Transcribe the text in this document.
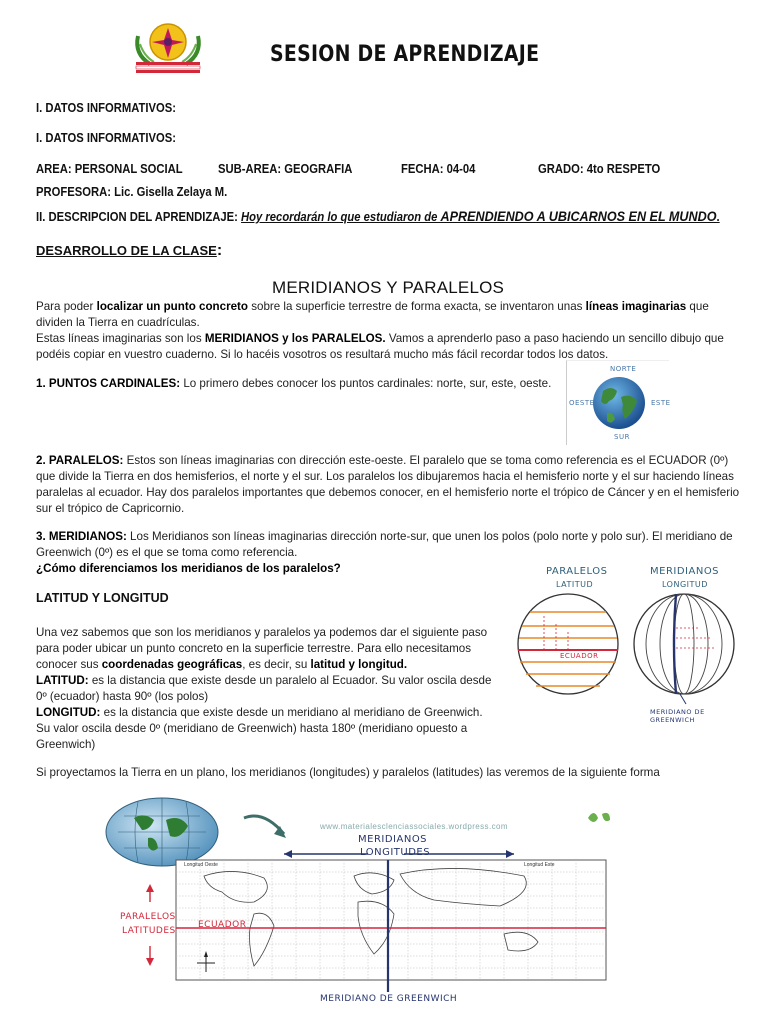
SESION DE APRENDIZAJE
I. DATOS INFORMATIVOS:
I. DATOS INFORMATIVOS:
AREA: PERSONAL SOCIAL	SUB-AREA: GEOGRAFIA	FECHA: 04-04	GRADO: 4to RESPETO
PROFESORA: Lic. Gisella Zelaya M.
II. DESCRIPCION DEL APRENDIZAJE: Hoy recordarán lo que estudiaron de APRENDIENDO A UBICARNOS EN EL MUNDO.
DESARROLLO DE LA CLASE:
MERIDIANOS Y PARALELOS
Para poder localizar un punto concreto sobre la superficie terrestre de forma exacta, se inventaron unas líneas imaginarias que dividen la Tierra en cuadrículas.
Estas líneas imaginarias son los MERIDIANOS y los PARALELOS. Vamos a aprenderlo paso a paso haciendo un sencillo dibujo que podéis copiar en vuestro cuaderno. Si lo hacéis vosotros os resultará mucho más fácil recordar todos los datos.
1. PUNTOS CARDINALES: Lo primero debes conocer los puntos cardinales: norte, sur, este, oeste.
NORTE
SUR
OESTE	ESTE
2. PARALELOS: Estos son líneas imaginarias con dirección este-oeste. El paralelo que se toma como referencia es el ECUADOR (0º) que divide la Tierra en dos hemisferios, el norte y el sur. Los paralelos los dibujaremos hacia el hemisferio norte y el sur haciendo líneas paralelas al ecuador. Hay dos paralelos importantes que debemos conocer, en el hemisferio norte el trópico de Cáncer y en el hemisferio sur el trópico de Capricornio.
3. MERIDIANOS: Los Meridianos son líneas imaginarias dirección norte-sur, que unen los polos (polo norte y polo sur). El meridiano de Greenwich (0º) es el que se toma como referencia.
¿Cómo diferenciamos los meridianos de los paralelos?
LATITUD Y LONGITUD
Una vez sabemos que son los meridianos y paralelos ya podemos dar el siguiente paso para poder ubicar un punto concreto en la superficie terrestre. Para ello necesitamos conocer sus coordenadas geográficas, es decir, su latitud y longitud.
LATITUD: es la distancia que existe desde un paralelo al Ecuador. Su valor oscila desde 0º (ecuador) hasta 90º (los polos)
LONGITUD: es la distancia que existe desde un meridiano al meridiano de Greenwich. Su valor oscila desde 0º (meridiano de Greenwich) hasta 180º (meridiano opuesto a Greenwich)
PARALELOS
LATITUD
MERIDIANOS
LONGITUD
ECUADOR
MERIDIANO DE GREENWICH
Si proyectamos la Tierra en un plano, los meridianos (longitudes) y paralelos (latitudes) las veremos de la siguiente forma
www.materialesclenciassociales.wordpress.com
MERIDIANOS
LONGITUDES
Longitud Oeste	Longitud Este
PARALELOS
LATITUDES
ECUADOR
MERIDIANO DE GREENWICH
